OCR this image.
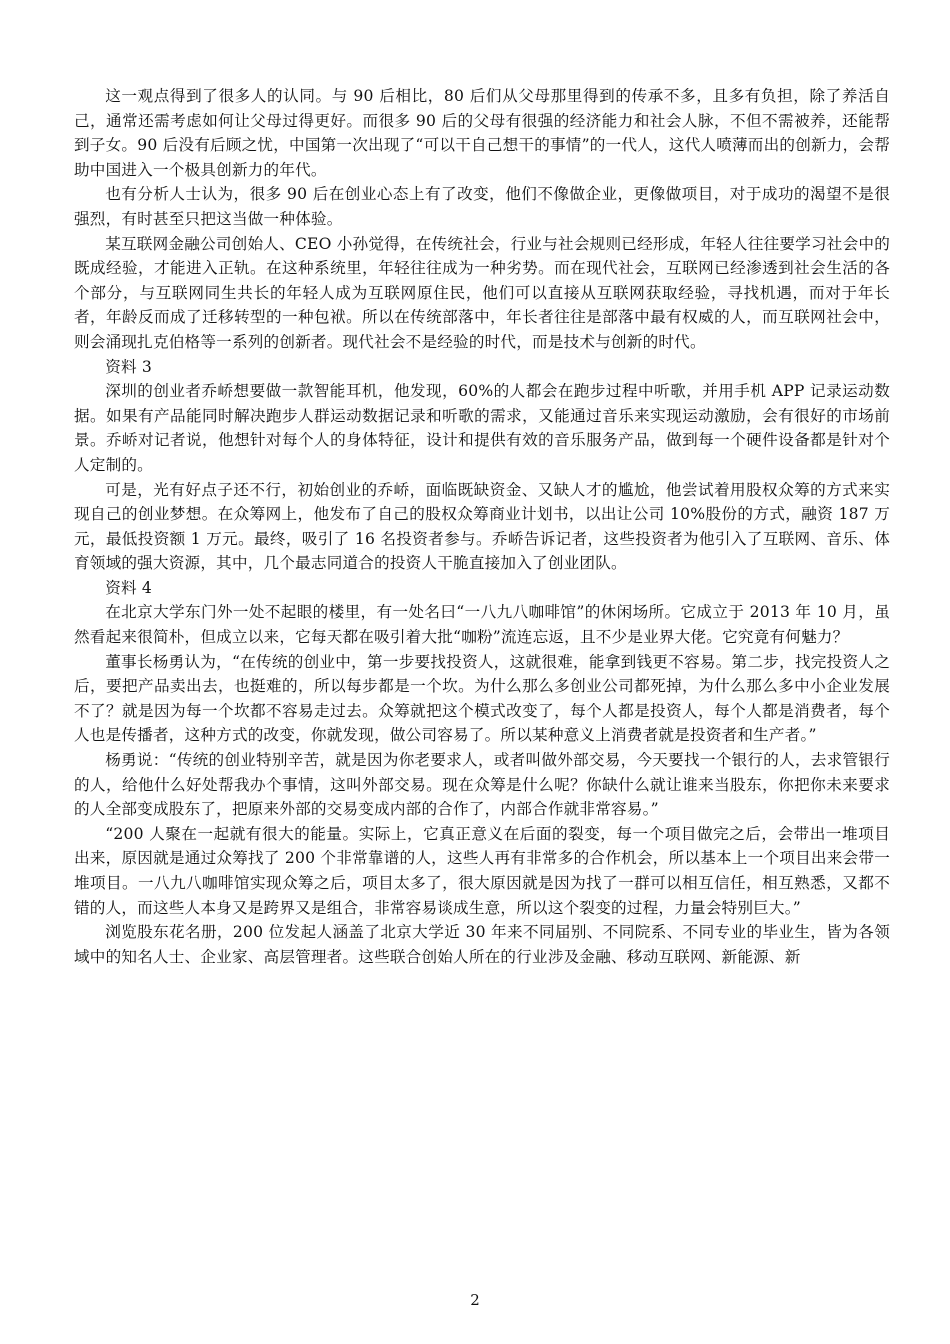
这一观点得到了很多人的认同。与 90 后相比，80 后们从父母那里得到的传承不多，且多有负担，除了养活自己，通常还需考虑如何让父母过得更好。而很多 90 后的父母有很强的经济能力和社会人脉，不但不需被养，还能帮到子女。90 后没有后顾之忧，中国第一次出现了“可以干自己想干的事情”的一代人，这代人喷薄而出的创新力，会帮助中国进入一个极具创新力的年代。

也有分析人士认为，很多 90 后在创业心态上有了改变，他们不像做企业，更像做项目，对于成功的渴望不是很强烈，有时甚至只把这当做一种体验。

某互联网金融公司创始人、CEO 小孙觉得，在传统社会，行业与社会规则已经形成，年轻人往往要学习社会中的既成经验，才能进入正轨。在这种系统里，年轻往往成为一种劣势。而在现代社会，互联网已经渗透到社会生活的各个部分，与互联网同生共长的年轻人成为互联网原住民，他们可以直接从互联网获取经验，寻找机遇，而对于年长者，年龄反而成了迁移转型的一种包袱。所以在传统部落中，年长者往往是部落中最有权威的人，而互联网社会中，则会涌现扎克伯格等一系列的创新者。现代社会不是经验的时代，而是技术与创新的时代。

资料 3

深圳的创业者乔峤想要做一款智能耳机，他发现，60%的人都会在跑步过程中听歌，并用手机 APP 记录运动数据。如果有产品能同时解决跑步人群运动数据记录和听歌的需求，又能通过音乐来实现运动激励，会有很好的市场前景。乔峤对记者说，他想针对每个人的身体特征，设计和提供有效的音乐服务产品，做到每一个硬件设备都是针对个人定制的。

可是，光有好点子还不行，初始创业的乔峤，面临既缺资金、又缺人才的尴尬，他尝试着用股权众筹的方式来实现自己的创业梦想。在众筹网上，他发布了自己的股权众筹商业计划书，以出让公司 10%股份的方式，融资 187 万元，最低投资额 1 万元。最终，吸引了 16 名投资者参与。乔峤告诉记者，这些投资者为他引入了互联网、音乐、体育领域的强大资源，其中，几个最志同道合的投资人干脆直接加入了创业团队。

资料 4

在北京大学东门外一处不起眼的楼里，有一处名曰“一八九八咖啡馆”的休闲场所。它成立于 2013 年 10 月，虽然看起来很简朴，但成立以来，它每天都在吸引着大批“咖粉”流连忘返，且不少是业界大佬。它究竟有何魅力？

董事长杨勇认为，“在传统的创业中，第一步要找投资人，这就很难，能拿到钱更不容易。第二步，找完投资人之后，要把产品卖出去，也挺难的，所以每步都是一个坎。为什么那么多创业公司都死掉，为什么那么多中小企业发展不了？就是因为每一个坎都不容易走过去。众筹就把这个模式改变了，每个人都是投资人，每个人都是消费者，每个人也是传播者，这种方式的改变，你就发现，做公司容易了。所以某种意义上消费者就是投资者和生产者。”

杨勇说：“传统的创业特别辛苦，就是因为你老要求人，或者叫做外部交易，今天要找一个银行的人，去求管银行的人，给他什么好处帮我办个事情，这叫外部交易。现在众筹是什么呢？你缺什么就让谁来当股东，你把你未来要求的人全部变成股东了，把原来外部的交易变成内部的合作了，内部合作就非常容易。”

“200 人聚在一起就有很大的能量。实际上，它真正意义在后面的裂变，每一个项目做完之后，会带出一堆项目出来，原因就是通过众筹找了 200 个非常靠谱的人，这些人再有非常多的合作机会，所以基本上一个项目出来会带一堆项目。一八九八咖啡馆实现众筹之后，项目太多了，很大原因就是因为找了一群可以相互信任，相互熟悉，又都不错的人，而这些人本身又是跨界又是组合，非常容易谈成生意，所以这个裂变的过程，力量会特别巨大。”

浏览股东花名册，200 位发起人涵盖了北京大学近 30 年来不同届别、不同院系、不同专业的毕业生，皆为各领域中的知名人士、企业家、高层管理者。这些联合创始人所在的行业涉及金融、移动互联网、新能源、新

2
